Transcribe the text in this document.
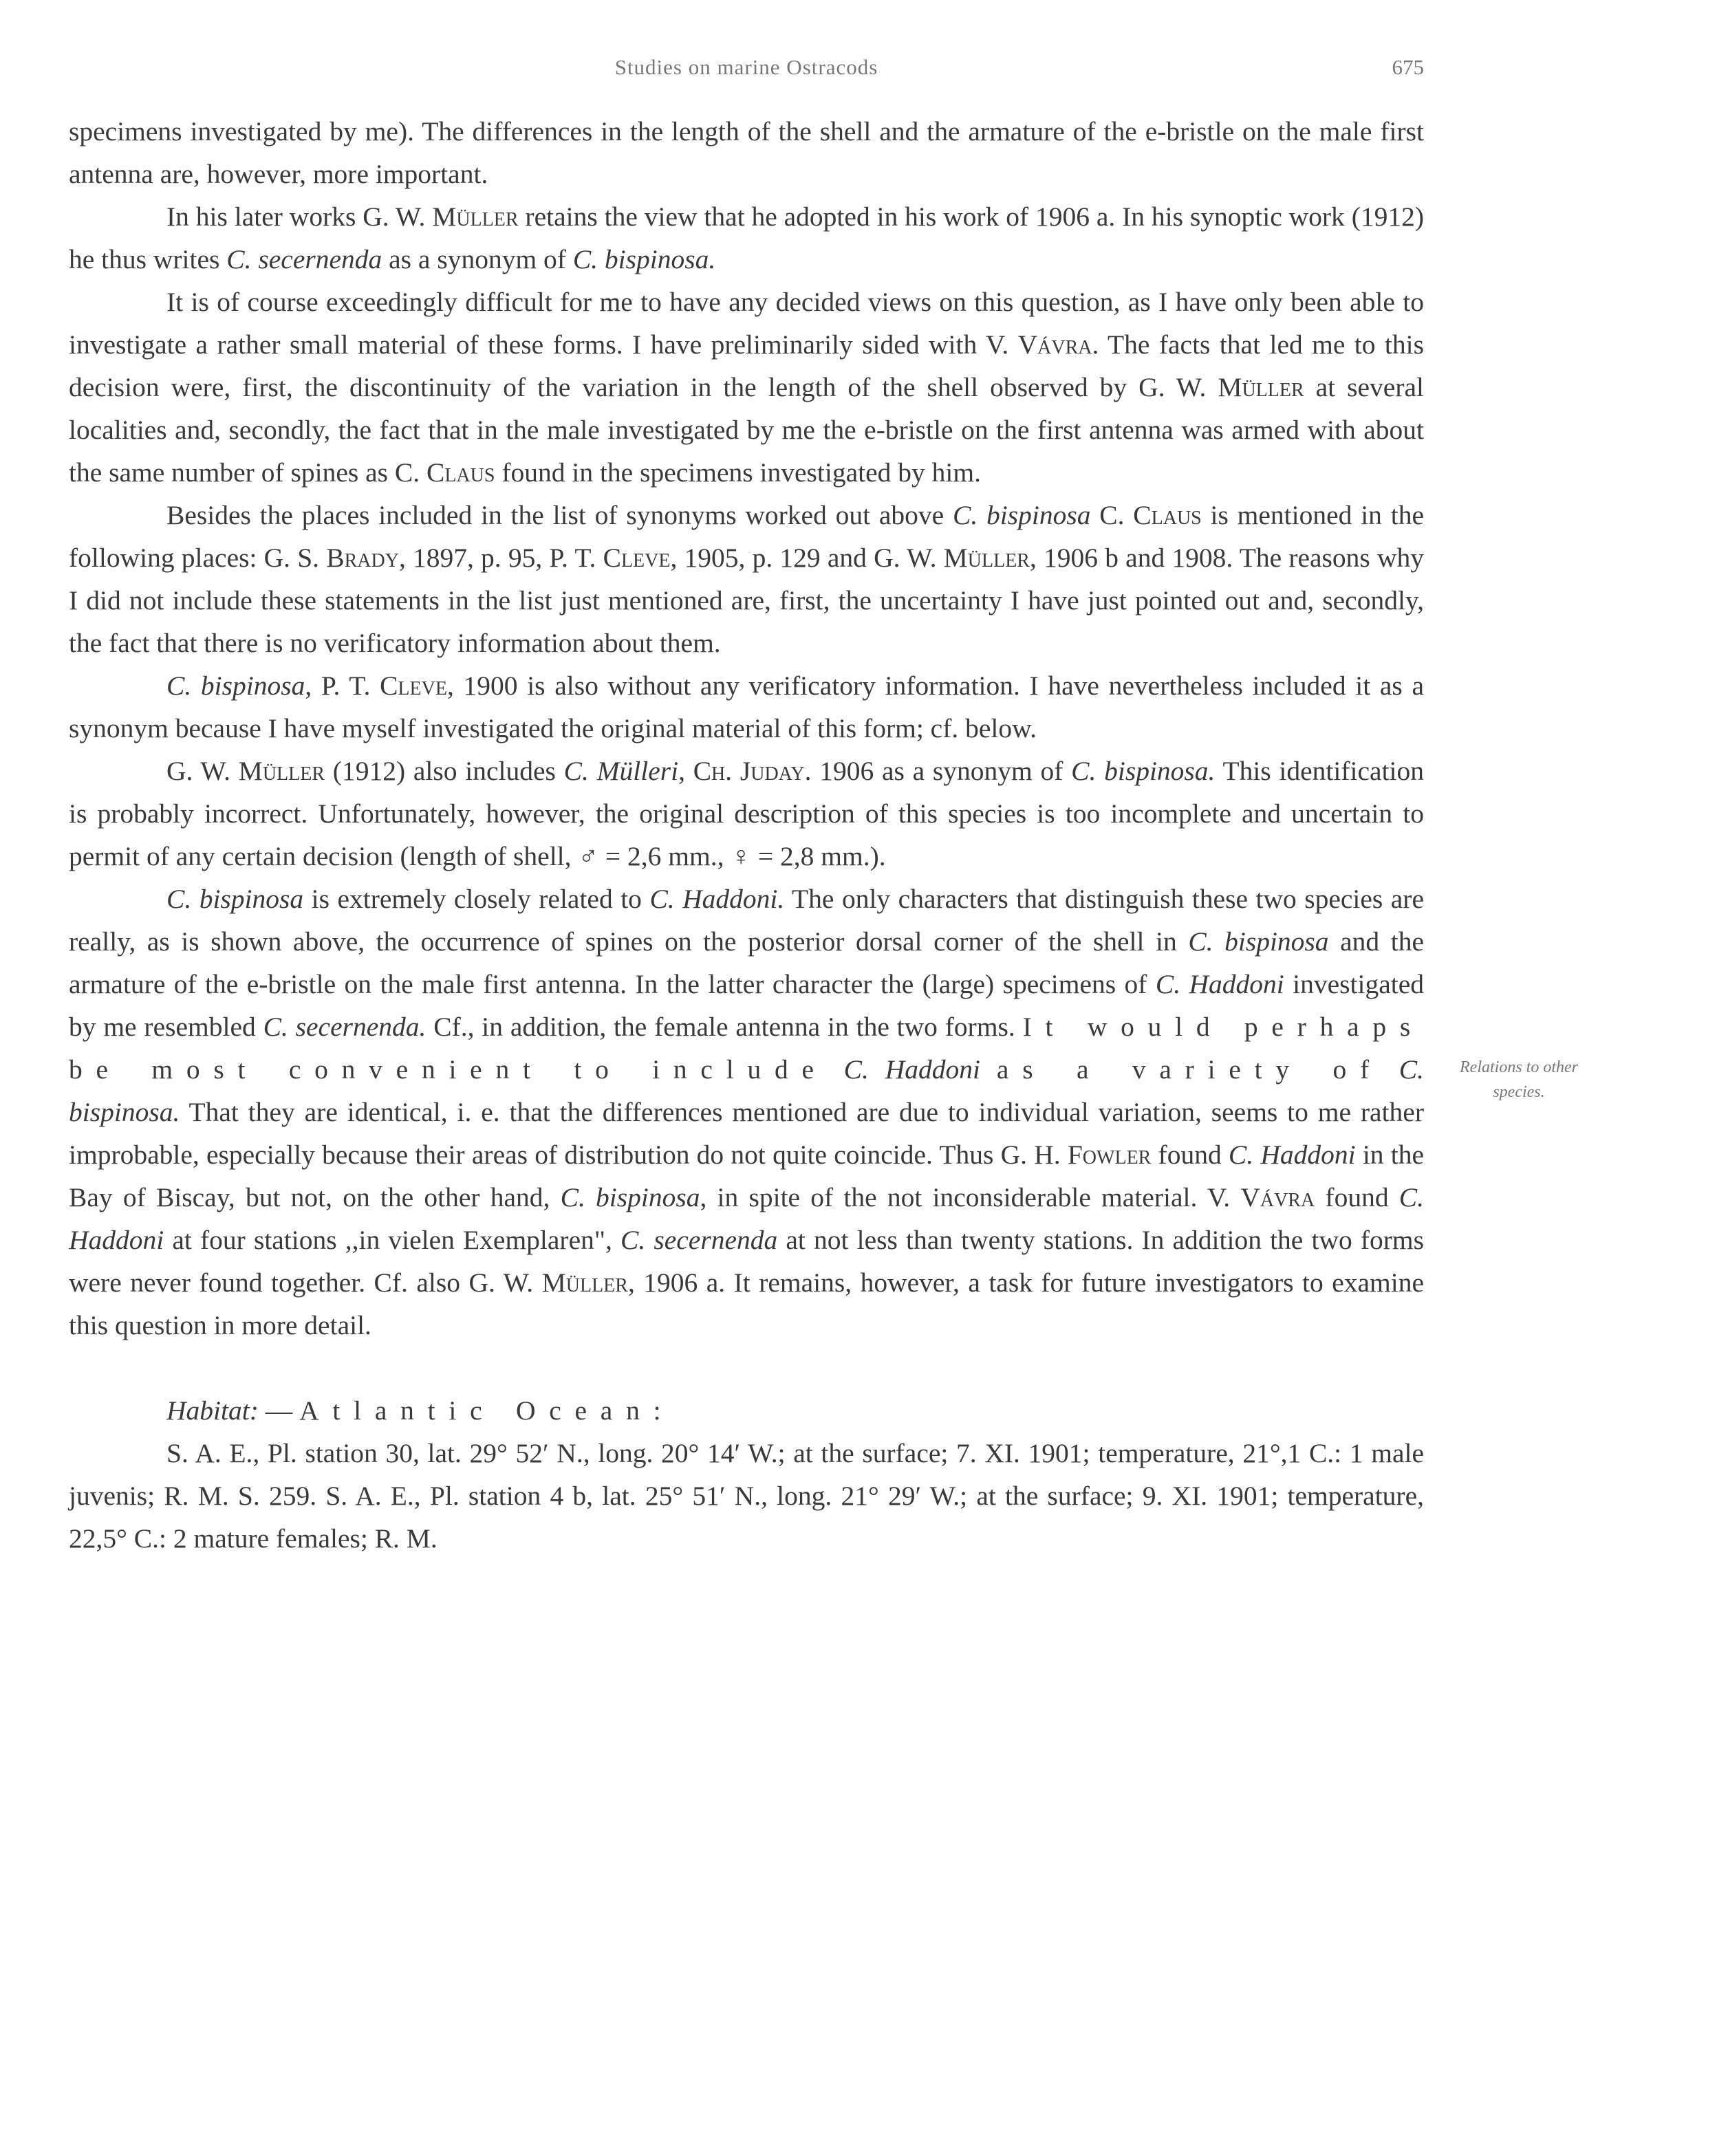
Studies on marine Ostracods	675

specimens investigated by me). The differences in the length of the shell and the armature of the e-bristle on the male first antenna are, however, more important.

In his later works G. W. Müller retains the view that he adopted in his work of 1906 a. In his synoptic work (1912) he thus writes C. secernenda as a synonym of C. bispinosa.

It is of course exceedingly difficult for me to have any decided views on this question, as I have only been able to investigate a rather small material of these forms. I have preliminarily sided with V. Vávra. The facts that led me to this decision were, first, the discontinuity of the variation in the length of the shell observed by G. W. Müller at several localities and, secondly, the fact that in the male investigated by me the e-bristle on the first antenna was armed with about the same number of spines as C. Claus found in the specimens investigated by him.

Besides the places included in the list of synonyms worked out above C. bispinosa C. Claus is mentioned in the following places: G. S. Brady, 1897, p. 95, P. T. Cleve, 1905, p. 129 and G. W. Müller, 1906 b and 1908. The reasons why I did not include these statements in the list just mentioned are, first, the uncertainty I have just pointed out and, secondly, the fact that there is no verificatory information about them.

C. bispinosa, P. T. Cleve, 1900 is also without any verificatory information. I have nevertheless included it as a synonym because I have myself investigated the original material of this form; cf. below.

G. W. Müller (1912) also includes C. Mülleri, Ch. Juday. 1906 as a synonym of C. bispinosa. This identification is probably incorrect. Unfortunately, however, the original description of this species is too incomplete and uncertain to permit of any certain decision (length of shell, ♂ = 2,6 mm., ♀ = 2,8 mm.).

C. bispinosa is extremely closely related to C. Haddoni. The only characters that distinguish these two species are really, as is shown above, the occurrence of spines on the posterior dorsal corner of the shell in C. bispinosa and the armature of the e-bristle on the male first antenna. In the latter character the (large) specimens of C. Haddoni investigated by me resembled C. secernenda. Cf., in addition, the female antenna in the two forms. It would perhaps be most convenient to include C. Haddoni as a variety of C. bispinosa. That they are identical, i. e. that the differences mentioned are due to individual variation, seems to me rather improbable, especially because their areas of distribution do not quite coincide. Thus G. H. Fowler found C. Haddoni in the Bay of Biscay, but not, on the other hand, C. bispinosa, in spite of the not inconsiderable material. V. Vávra found C. Haddoni at four stations ,,in vielen Exemplaren", C. secernenda at not less than twenty stations. In addition the two forms were never found together. Cf. also G. W. Müller, 1906 a. It remains, however, a task for future investigators to examine this question in more detail.

Habitat: — Atlantic Ocean:

S. A. E., Pl. station 30, lat. 29° 52′ N., long. 20° 14′ W.; at the surface; 7. XI. 1901; temperature, 21°,1 C.: 1 male juvenis; R. M. S. 259. S. A. E., Pl. station 4 b, lat. 25° 51′ N., long. 21° 29′ W.; at the surface; 9. XI. 1901; temperature, 22,5° C.: 2 mature females; R. M.

Relations to other
species.
